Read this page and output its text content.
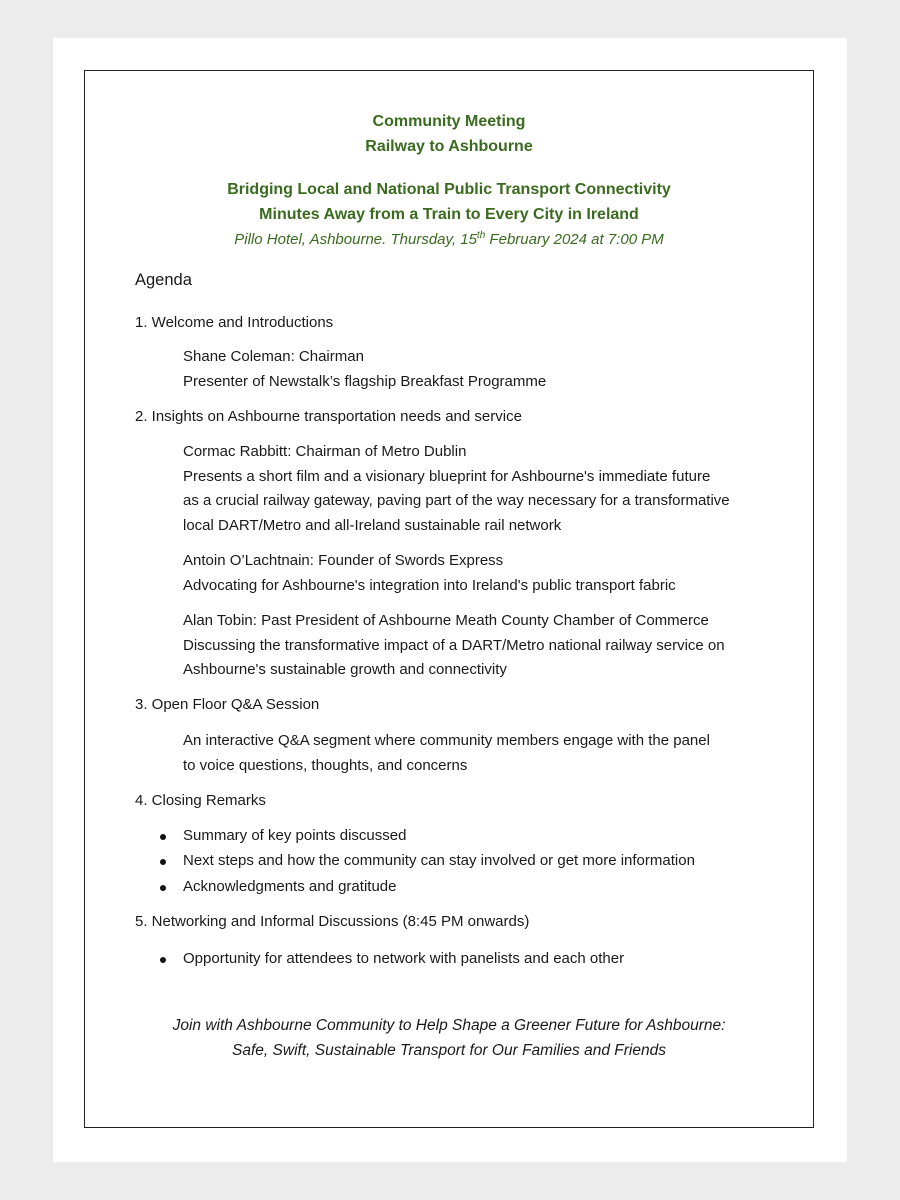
Community Meeting
Railway to Ashbourne
Bridging Local and National Public Transport Connectivity
Minutes Away from a Train to Every City in Ireland
Pillo Hotel, Ashbourne. Thursday, 15th February 2024 at 7:00 PM
Agenda
1. Welcome and Introductions
Shane Coleman: Chairman
Presenter of Newstalk’s flagship Breakfast Programme
2. Insights on Ashbourne transportation needs and service
Cormac Rabbitt: Chairman of Metro Dublin
Presents a short film and a visionary blueprint for Ashbourne's immediate future
as a crucial railway gateway, paving part of the way necessary for a transformative
local DART/Metro and all-Ireland sustainable rail network
Antoin O’Lachtnain: Founder of Swords Express
Advocating for Ashbourne's integration into Ireland's public transport fabric
Alan Tobin: Past President of Ashbourne Meath County Chamber of Commerce
Discussing the transformative impact of a DART/Metro national railway service on
Ashbourne's sustainable growth and connectivity
3. Open Floor Q&A Session
An interactive Q&A segment where community members engage with the panel
to voice questions, thoughts, and concerns
4. Closing Remarks
Summary of key points discussed
Next steps and how the community can stay involved or get more information
Acknowledgments and gratitude
5. Networking and Informal Discussions (8:45 PM onwards)
Opportunity for attendees to network with panelists and each other
Join with Ashbourne Community to Help Shape a Greener Future for Ashbourne:
Safe, Swift, Sustainable Transport for Our Families and Friends
